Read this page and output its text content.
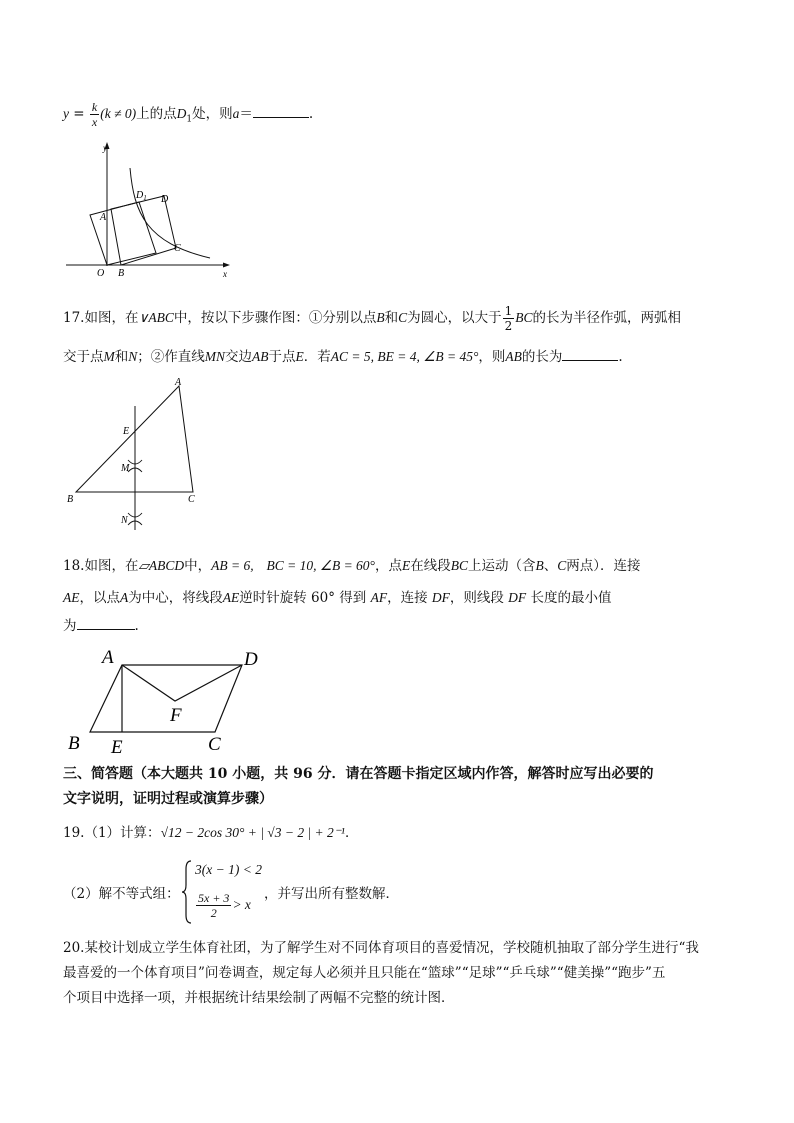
$y = \frac{k}{x} (k \ne 0)$上的点$D_1$处，则a＝	.
y
x
O
A
B
C
D
$D_1$
17.如图，在∨ABC中，按以下步骤作图：①分别以点B和C为圆心，以大于 $\frac{1}{2}$ BC的长为半径作弧，两弧相
交于点M和N；②作直线MN交边AB于点E．若AC = 5, BE = 4, ∠B = 45°，则AB的长为	.
A
B	C
E
M
N
18.如图，在▱ABCD中，AB = 6, BC = 10, ∠B = 60°，点E在线段BC上运动（含B、C两点）．连接
AE，以点A为中心，将线段AE逆时针旋转 60° 得到 AF，连接 DF，则线段 DF 长度的最小值
为	.
A	D
B E	C
F
三、简答题（本大题共 10 小题，共 96 分．请在答题卡指定区域内作答，解答时应写出必要的
文字说明，证明过程或演算步骤）
19.（1）计算：√12 − 2cos 30° + | √3 − 2 | + 2⁻¹．
（2）解不等式组：
3(x − 1) < 2
$\frac{5x + 3}{2} > x$
，并写出所有整数解．
20.某校计划成立学生体育社团，为了解学生对不同体育项目的喜爱情况，学校随机抽取了部分学生进行“我
最喜爱的一个体育项目”问卷调查，规定每人必须并且只能在“篮球”“足球”“乒乓球”“健美操”“跑步”五
个项目中选择一项，并根据统计结果绘制了两幅不完整的统计图．
